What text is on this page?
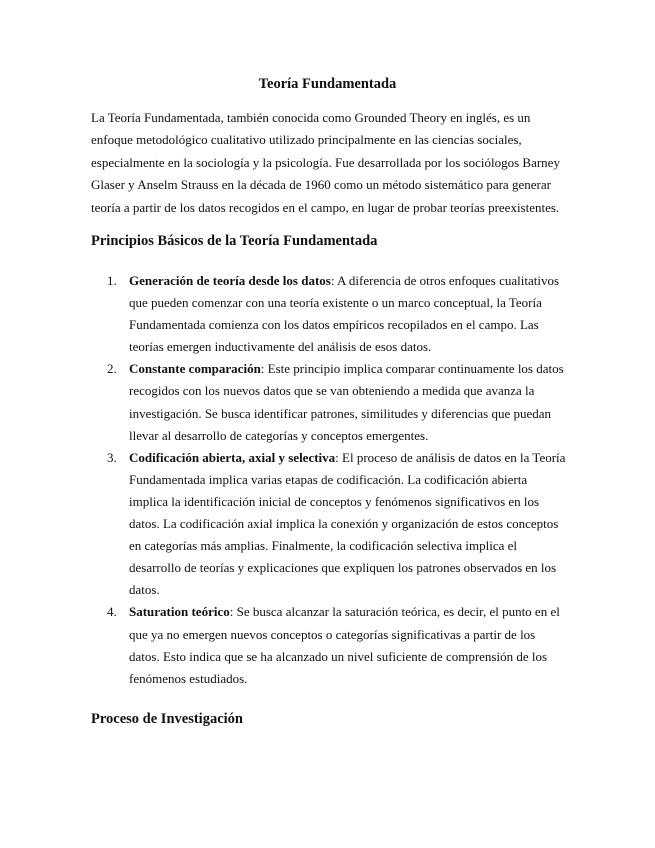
Teoría Fundamentada

La Teoría Fundamentada, también conocida como Grounded Theory en inglés, es un enfoque metodológico cualitativo utilizado principalmente en las ciencias sociales, especialmente en la sociología y la psicología. Fue desarrollada por los sociólogos Barney Glaser y Anselm Strauss en la década de 1960 como un método sistemático para generar teoría a partir de los datos recogidos en el campo, en lugar de probar teorías preexistentes.

Principios Básicos de la Teoría Fundamentada
1. Generación de teoría desde los datos: A diferencia de otros enfoques cualitativos que pueden comenzar con una teoría existente o un marco conceptual, la Teoría Fundamentada comienza con los datos empíricos recopilados en el campo. Las teorías emergen inductivamente del análisis de esos datos.
2. Constante comparación: Este principio implica comparar continuamente los datos recogidos con los nuevos datos que se van obteniendo a medida que avanza la investigación. Se busca identificar patrones, similitudes y diferencias que puedan llevar al desarrollo de categorías y conceptos emergentes.
3. Codificación abierta, axial y selectiva: El proceso de análisis de datos en la Teoría Fundamentada implica varias etapas de codificación. La codificación abierta implica la identificación inicial de conceptos y fenómenos significativos en los datos. La codificación axial implica la conexión y organización de estos conceptos en categorías más amplias. Finalmente, la codificación selectiva implica el desarrollo de teorías y explicaciones que expliquen los patrones observados en los datos.
4. Saturation teórico: Se busca alcanzar la saturación teórica, es decir, el punto en el que ya no emergen nuevos conceptos o categorías significativas a partir de los datos. Esto indica que se ha alcanzado un nivel suficiente de comprensión de los fenómenos estudiados.
Proceso de Investigación
